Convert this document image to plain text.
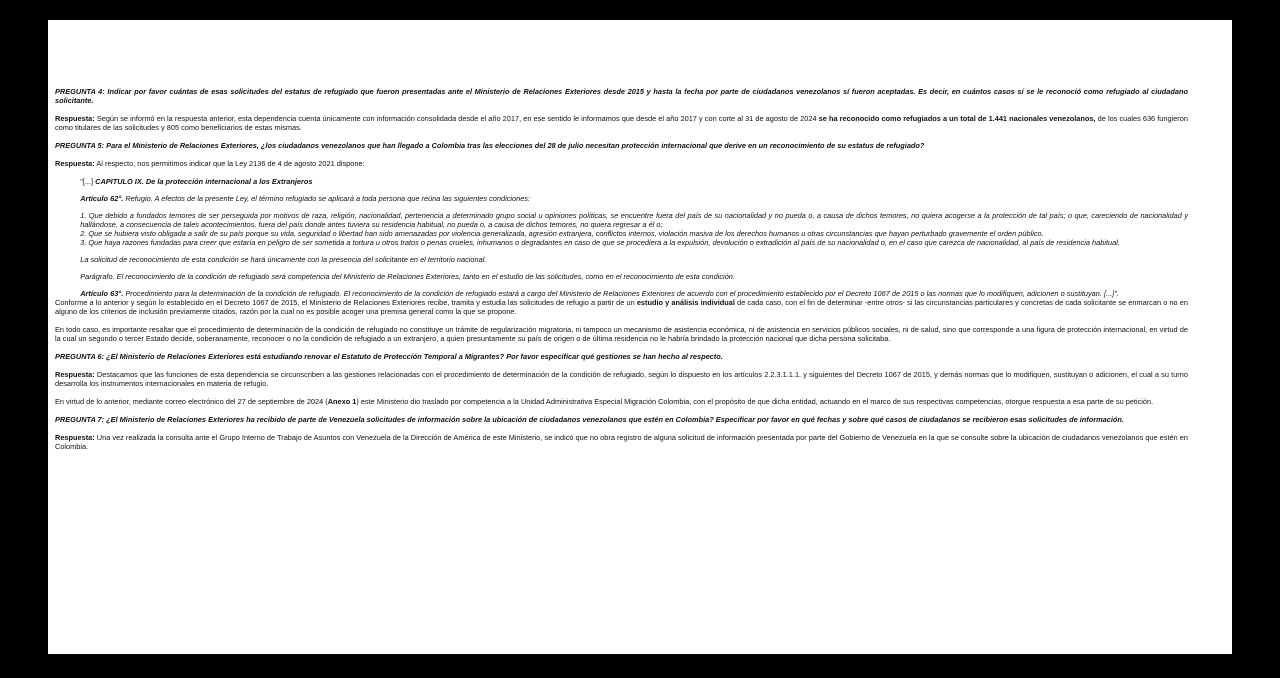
PREGUNTA 4: Indicar por favor cuántas de esas solicitudes del estatus de refugiado que fueron presentadas ante el Ministerio de Relaciones Exteriores desde 2015 y hasta la fecha por parte de ciudadanos venezolanos sí fueron aceptadas. Es decir, en cuántos casos sí se le reconoció como refugiado al ciudadano solicitante.

Respuesta: Según se informó en la respuesta anterior, esta dependencia cuenta únicamente con información consolidada desde el año 2017, en ese sentido le informamos que desde el año 2017 y con corte al 31 de agosto de 2024 se ha reconocido como refugiados a un total de 1.441 nacionales venezolanos, de los cuales 636 fungieron como titulares de las solicitudes y 805 como beneficiarios de estas mismas.

PREGUNTA 5: Para el Ministerio de Relaciones Exteriores, ¿los ciudadanos venezolanos que han llegado a Colombia tras las elecciones del 28 de julio necesitan protección internacional que derive en un reconocimiento de su estatus de refugiado?

Respuesta: Al respecto, nos permitimos indicar que la Ley 2136 de 4 de agosto 2021 dispone:

"[...] CAPITULO IX. De la protección internacional a los Extranjeros

Artículo 62°. Refugio. A efectos de la presente Ley, el término refugiado se aplicará a toda persona que reúna las siguientes condiciones:

1. Que debido a fundados temores de ser perseguida por motivos de raza, religión, nacionalidad, pertenencia a determinado grupo social u opiniones políticas, se encuentre fuera del país de su nacionalidad y no pueda o, a causa de dichos temores, no quiera acogerse a la protección de tal país; o que, careciendo de nacionalidad y hallándose, a consecuencia de tales acontecimientos, fuera del país donde antes tuviera su residencia habitual, no pueda o, a causa de dichos temores, no quiera regresar a él o;

2. Que se hubiera visto obligada a salir de su país porque su vida, seguridad o libertad han sido amenazadas por violencia generalizada, agresión extranjera, conflictos internos, violación masiva de los derechos humanos u otras circunstancias que hayan perturbado gravemente el orden público.

3. Que haya razones fundadas para creer que estaría en peligro de ser sometida a tortura u otros tratos o penas crueles, inhumanos o degradantes en caso de que se procediera a la expulsión, devolución o extradición al país de su nacionalidad o, en el caso que carezca de nacionalidad, al país de residencia habitual.

La solicitud de reconocimiento de esta condición se hará únicamente con la presencia del solicitante en el territorio nacional.

Parágrafo. El reconocimiento de la condición de refugiado será competencia del Ministerio de Relaciones Exteriores, tanto en el estudio de las solicitudes, como en el reconocimiento de esta condición.

Artículo 63°. Procedimiento para la determinación de la condición de refugiado. El reconocimiento de la condición de refugiado estará a cargo del Ministerio de Relaciones Exteriores de acuerdo con el procedimiento establecido por el Decreto 1067 de 2015 o las normas que lo modifiquen, adicionen o sustituyan. [...]".

Conforme a lo anterior y según lo establecido en el Decreto 1067 de 2015, el Ministerio de Relaciones Exteriores recibe, tramita y estudia las solicitudes de refugio a partir de un estudio y análisis individual de cada caso, con el fin de determinar -entre otros- si las circunstancias particulares y concretas de cada solicitante se enmarcan o no en alguno de los criterios de inclusión previamente citados, razón por la cual no es posible acoger una premisa general como la que se propone.

En todo caso, es importante resaltar que el procedimiento de determinación de la condición de refugiado no constituye un trámite de regularización migratoria, ni tampoco un mecanismo de asistencia económica, ni de asistencia en servicios públicos sociales, ni de salud, sino que corresponde a una figura de protección internacional, en virtud de la cual un segundo o tercer Estado decide, soberanamente, reconocer o no la condición de refugiado a un extranjero, a quien presuntamente su país de origen o de última residencia no le habría brindado la protección nacional que dicha persona solicitaba.

PREGUNTA 6: ¿El Ministerio de Relaciones Exteriores está estudiando renovar el Estatuto de Protección Temporal a Migrantes? Por favor especificar qué gestiones se han hecho al respecto.

Respuesta: Destacamos que las funciones de esta dependencia se circunscriben a las gestiones relacionadas con el procedimiento de determinación de la condición de refugiado, según lo dispuesto en los artículos 2.2.3.1.1.1. y siguientes del Decreto 1067 de 2015, y demás normas que lo modifiquen, sustituyan o adicionen, el cual a su turno desarrolla los instrumentos internacionales en materia de refugio.

En virtud de lo anterior, mediante correo electrónico del 27 de septiembre de 2024 (Anexo 1) este Ministerio dio traslado por competencia a la Unidad Administrativa Especial Migración Colombia, con el propósito de que dicha entidad, actuando en el marco de sus respectivas competencias, otorgue respuesta a esa parte de su petición.

PREGUNTA 7: ¿El Ministerio de Relaciones Exteriores ha recibido de parte de Venezuela solicitudes de información sobre la ubicación de ciudadanos venezolanos que estén en Colombia? Especificar por favor en qué fechas y sobre qué casos de ciudadanos se recibieron esas solicitudes de información.

Respuesta: Una vez realizada la consulta ante el Grupo Interno de Trabajo de Asuntos con Venezuela de la Dirección de América de este Ministerio, se indicó que no obra registro de alguna solicitud de información presentada por parte del Gobierno de Venezuela en la que se consulte sobre la ubicación de ciudadanos venezolanos que estén en Colombia.
